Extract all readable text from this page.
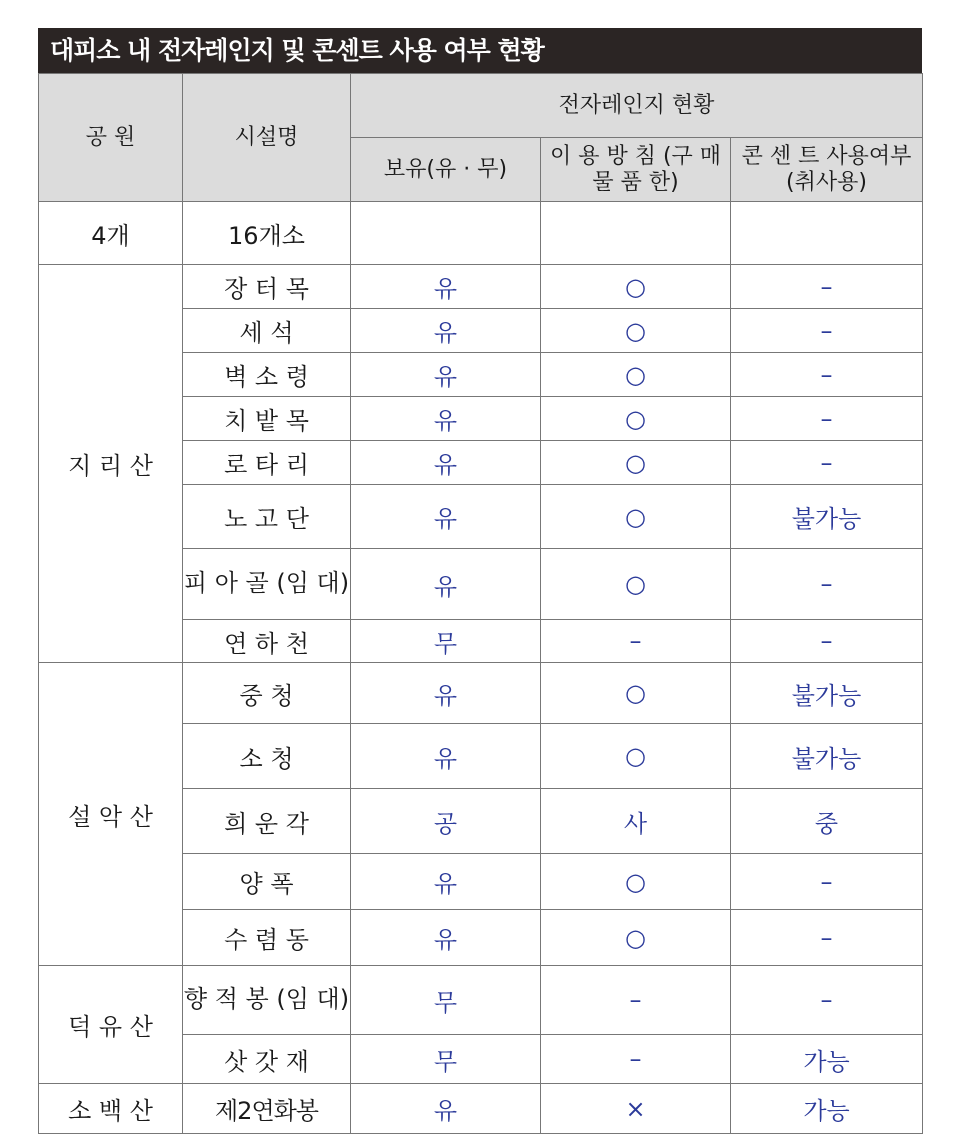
대피소 내 전자레인지 및 콘센트 사용 여부 현황
공 원	시설명	전자레인지 현황		
		보유(유 · 무)	이 용 방 침 (구 매 물 품 한)	콘 센 트 사용여부(취사용)
4개	16개소			
지 리 산	장 터 목	유	○	–
	세 석	유	○	–
	벽 소 령	유	○	–
	치 밭 목	유	○	–
	로 타 리	유	○	–
	노 고 단	유	○	불가능
	피 아 골 (임 대)	유	○	–
	연 하 천	무	–	–
설 악 산	중 청	유	○	불가능
	소 청	유	○	불가능
	희 운 각	공	사	중
	양 폭	유	○	–
	수 렴 동	유	○	–
덕 유 산	향 적 봉 (임 대)	무	–	–
	삿 갓 재	무	–	가능
소 백 산	제2연화봉	유	×	가능
